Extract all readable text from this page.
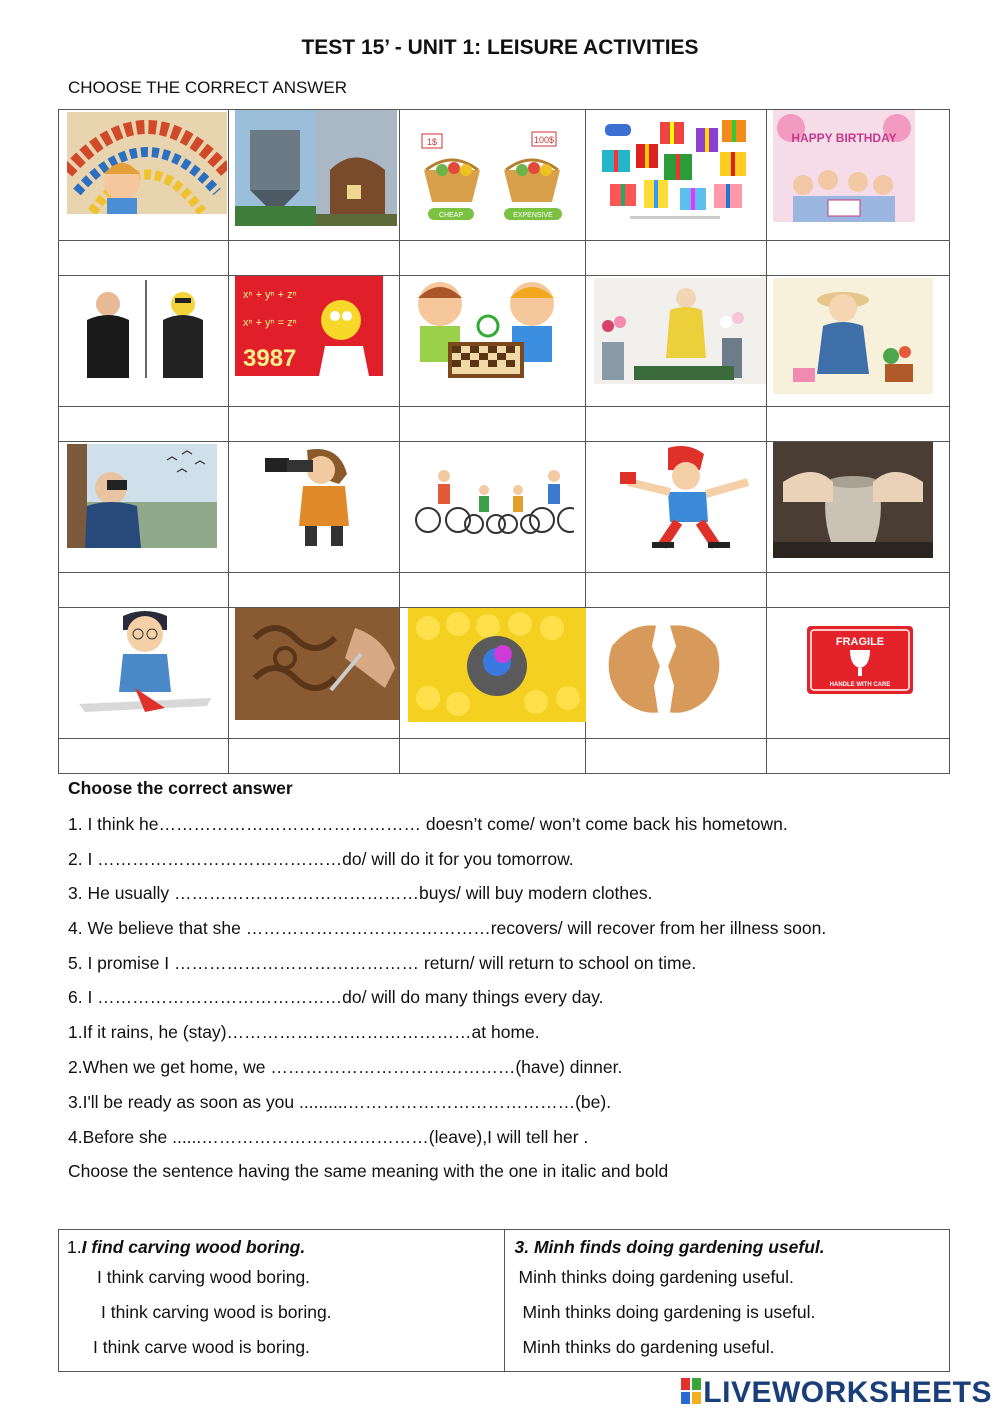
TEST 15’ - UNIT 1: LEISURE ACTIVITIES
CHOOSE THE CORRECT ANSWER

1$ 100$
CHEAP EXPENSIVE		HAPPY BIRTHDAY

xⁿ + yⁿ + zⁿ
xⁿ + yⁿ = zⁿ
3987

FRAGILE
HANDLE WITH CARE

Choose the correct answer
1. I think he……………………………………… doesn’t come/ won’t come back his hometown.
2. I ……………………………………do/ will do it for you tomorrow.
3. He usually ……………………………………buys/ will buy modern clothes.
4. We believe that she ……………………………………recovers/ will recover from her illness soon.
5. I promise I …………………………………… return/ will return to school on time.
6. I ……………………………………do/ will do many things every day.
1.If it rains, he (stay)……………………………………at home.
2.When we get home, we ……………………………………(have) dinner.
3.I'll be ready as soon as you ..........…………………………………(be).
4.Before she ......…………………………………(leave),I will tell her .
Choose the sentence having the same meaning with the one in italic and bold
1.I find carving wood boring.
I think carving wood boring.
I think carving wood is boring.
I think carve wood is boring.

3. Minh finds doing gardening useful.
Minh thinks doing gardening useful.
Minh thinks doing gardening is useful.
Minh thinks do gardening useful.
LIVEWORKSHEETS
